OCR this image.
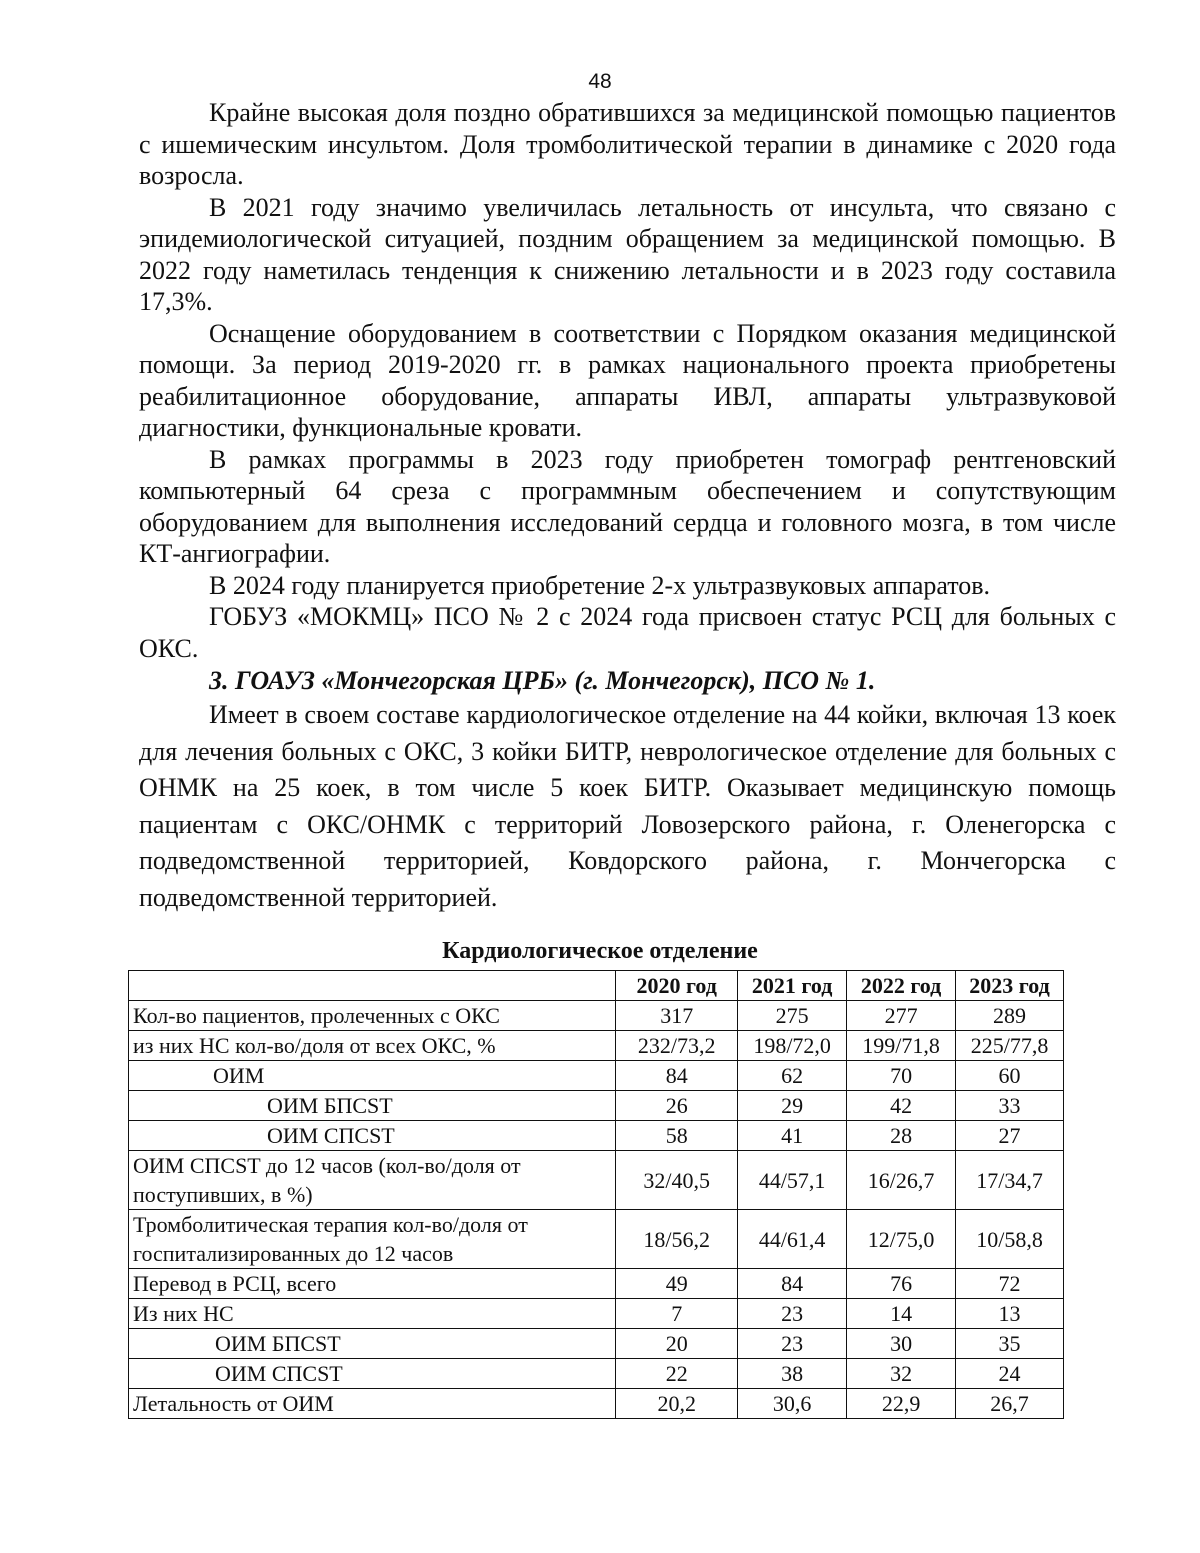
48

Крайне высокая доля поздно обратившихся за медицинской помощью пациентов с ишемическим инсультом. Доля тромболитической терапии в динамике с 2020 года возросла.

В 2021 году значимо увеличилась летальность от инсульта, что связано с эпидемиологической ситуацией, поздним обращением за медицинской помощью. В 2022 году наметилась тенденция к снижению летальности и в 2023 году составила 17,3%.

Оснащение оборудованием в соответствии с Порядком оказания медицинской помощи. За период 2019-2020 гг. в рамках национального проекта приобретены реабилитационное оборудование, аппараты ИВЛ, аппараты ультразвуковой диагностики, функциональные кровати.

В рамках программы в 2023 году приобретен томограф рентгеновский компьютерный 64 среза с программным обеспечением и сопутствующим оборудованием для выполнения исследований сердца и головного мозга, в том числе КТ-ангиографии.

В 2024 году планируется приобретение 2-х ультразвуковых аппаратов.

ГОБУЗ «МОКМЦ» ПСО № 2 с 2024 года присвоен статус РСЦ для больных с ОКС.

3. ГОАУЗ «Мончегорская ЦРБ» (г. Мончегорск), ПСО № 1.

Имеет в своем составе кардиологическое отделение на 44 койки, включая 13 коек для лечения больных с ОКС, 3 койки БИТР, неврологическое отделение для больных с ОНМК на 25 коек, в том числе 5 коек БИТР. Оказывает медицинскую помощь пациентам с ОКС/ОНМК с территорий Ловозерского района, г. Оленегорска с подведомственной территорией, Ковдорского района, г. Мончегорска с подведомственной территорией.

Кардиологическое отделение
	2020 год	2021 год	2022 год	2023 год
Кол-во пациентов, пролеченных с ОКС	317	275	277	289
из них НС кол-во/доля от всех ОКС, %	232/73,2	198/72,0	199/71,8	225/77,8
ОИМ	84	62	70	60
ОИМ БПСST	26	29	42	33
ОИМ СПСST	58	41	28	27
ОИМ СПСST до 12 часов (кол-во/доля от поступивших, в %)	32/40,5	44/57,1	16/26,7	17/34,7
Тромболитическая терапия кол-во/доля от госпитализированных до 12 часов	18/56,2	44/61,4	12/75,0	10/58,8
Перевод в РСЦ, всего	49	84	76	72
Из них НС	7	23	14	13
ОИМ БПСST	20	23	30	35
ОИМ СПСST	22	38	32	24
Летальность от ОИМ	20,2	30,6	22,9	26,7
